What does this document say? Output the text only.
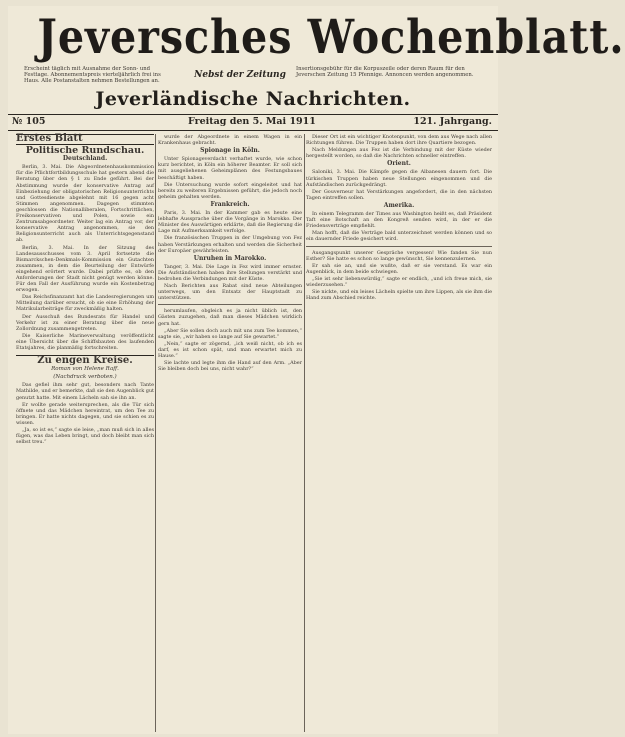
Jeversches Wochenblatt.
Erscheint täglich mit Ausnahme der Sonn- und Festtage. Abonnementspreis vierteljährlich frei ins Haus. Alle Postanstalten nehmen Bestellungen an.
Nebst der Zeitung
Insertionsgebühr für die Korpuszeile oder deren Raum für den Jeverschen Zeitung 15 Pfennige. Annoncen werden angenommen.
Jeverländische Nachrichten.
№ 105	Freitag den 5. Mai 1911	121. Jahrgang.
Erstes Blatt
Politische Rundschau.
Deutschland.

Berlin, 3. Mai. Die Abgeordnetenhauskommission für die Pflichtfortbildungsschule hat gestern abend die Beratung über den § 1 zu Ende geführt. Bei der Abstimmung wurde der konservative Antrag auf Einbeziehung der obligatorischen Religionsunterrichts und Gottesdienste abgelehnt mit 16 gegen acht Stimmen angenommen. Dagegen stimmten geschlossen die Nationalliberalen, Fortschrittlichen, Freikonservativen und Polen, sowie ein Zentrumsabgeordneter. Weiter lag ein Antrag vor, der konservative Antrag angenommen, sie den Religionsunterricht auch als Unterrichtsgegenstand ab.

Berlin, 3. Mai. In der Sitzung des Landesausschusses vom 3. April fortsetzte die Bismarckschen-Denkmals-Kommission ein Gutachten zusammen, in dem die Beurteilung der Entwürfe eingehend erörtert wurde. Dabei prüfte es, ob den Anforderungen der Stadt nicht genügt werden könne. Für den Fall der Ausführung wurde ein Kostenbetrag erwogen.

Das Reichsfinanzamt hat die Landesregierungen um Mitteilung darüber ersucht, ob sie eine Erhöhung der Matrikularbeiträge für zweckmäßig halten.

Der Ausschuß des Bundesrats für Handel und Verkehr ist zu einer Beratung über die neue Zollordnung zusammengetreten.

Die Kaiserliche Marineverwaltung veröffentlicht eine Übersicht über die Schiffsbauten des laufenden Etatsjahres, die planmäßig fortschreiten.

Zu engen Kreise.
Roman von Helene Raff.
(Nachdruck verboten.)

Das gefiel ihm sehr gut, besonders nach Tante Mathilde, und er bemerkte, daß sie den Augenblick gut genutzt hatte. Mit einem Lächeln sah sie ihn an.

Er wollte gerade weitersprechen, als die Tür sich öffnete und das Mädchen hereintrat, um den Tee zu bringen. Er hatte nichts dagegen, und sie schien es zu wissen.

„Ja, so ist es,“ sagte sie leise, „man muß sich in alles fügen, was das Leben bringt, und doch bleibt man sich selbst treu.“

wurde der Abgeordnete in einem Wagen in ein Krankenhaus gebracht.

Spionage in Köln.

Unter Spionageverdacht verhaftet wurde, wie schon kurz berichtet, in Köln ein höherer Beamter. Er soll sich mit ausgeliehenen Geheimplänen des Festungsbaues beschäftigt haben.

Die Untersuchung wurde sofort eingeleitet und hat bereits zu weiteren Ergebnissen geführt, die jedoch noch geheim gehalten werden.

Frankreich.

Paris, 3. Mai. In der Kammer gab es heute eine lebhafte Aussprache über die Vorgänge in Marokko. Der Minister des Auswärtigen erklärte, daß die Regierung die Lage mit Aufmerksamkeit verfolge.

Die französischen Truppen in der Umgebung von Fez haben Verstärkungen erhalten und werden die Sicherheit der Europäer gewährleisten.

Unruhen in Marokko.

Tanger, 3. Mai. Die Lage in Fez wird immer ernster. Die Aufständischen haben ihre Stellungen verstärkt und bedrohen die Verbindungen mit der Küste.

Nach Berichten aus Rabat sind neue Abteilungen unterwegs, um den Entsatz der Hauptstadt zu unterstützen.

herumlaufen, obgleich es ja nicht üblich ist, den Gästen zuzugehen, daß man dieses Mädchen wirklich gern hat.

„Aber Sie sollen doch auch mit uns zum Tee kommen,“ sagte sie, „wir haben so lange auf Sie gewartet.“

„Nein,“ sagte er zögernd, „ich weiß nicht, ob ich es darf, es ist schon spät, und man erwartet mich zu Hause.“

Sie lachte und legte ihm die Hand auf den Arm. „Aber Sie bleiben doch bei uns, nicht wahr?“

Dieser Ort ist ein wichtiger Knotenpunkt, von dem aus Wege nach allen Richtungen führen. Die Truppen haben dort ihre Quartiere bezogen.

Nach Meldungen aus Fez ist die Verbindung mit der Küste wieder hergestellt worden, so daß die Nachrichten schneller eintreffen.

Orient.

Saloniki, 3. Mai. Die Kämpfe gegen die Albanesen dauern fort. Die türkischen Truppen haben neue Stellungen eingenommen und die Aufständischen zurückgedrängt.

Der Gouverneur hat Verstärkungen angefordert, die in den nächsten Tagen eintreffen sollen.

Amerika.

In einem Telegramm der Times aus Washington heißt es, daß Präsident Taft eine Botschaft an den Kongreß senden wird, in der er die Friedensverträge empfiehlt.

Man hofft, daß die Verträge bald unterzeichnet werden können und so ein dauernder Friede gesichert wird.

Ausgangspunkt unserer Gespräche vergessen! Wie fanden Sie nun Esther? Sie hatte es schon so lange gewünscht, Sie kennenzulernen.

Er sah sie an, und sie wußte, daß er sie verstand. Es war ein Augenblick, in dem beide schwiegen.

„Sie ist sehr liebenswürdig,“ sagte er endlich, „und ich freue mich, sie wiederzusehen.“

Sie nickte, und ein leises Lächeln spielte um ihre Lippen, als sie ihm die Hand zum Abschied reichte.
